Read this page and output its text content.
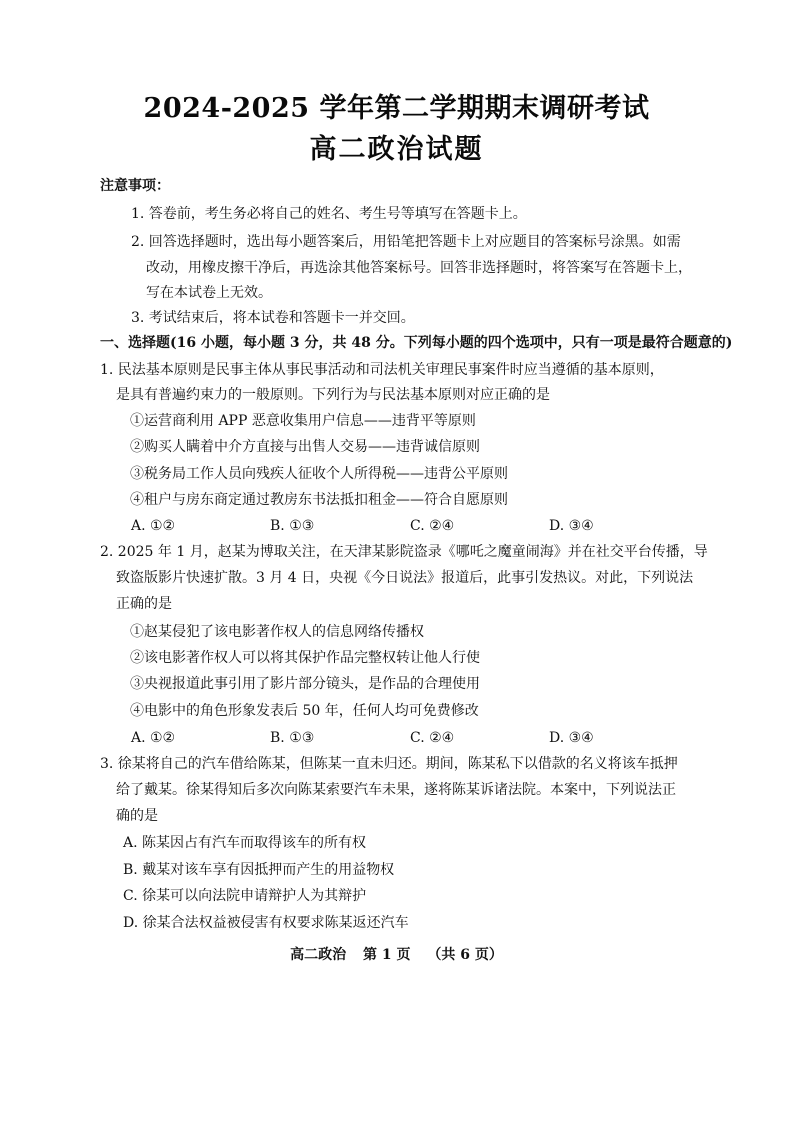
2024-2025 学年第二学期期末调研考试
高二政治试题
注意事项：
1. 答卷前，考生务必将自己的姓名、考生号等填写在答题卡上。
2. 回答选择题时，选出每小题答案后，用铅笔把答题卡上对应题目的答案标号涂黑。如需
改动，用橡皮擦干净后，再选涂其他答案标号。回答非选择题时，将答案写在答题卡上，
写在本试卷上无效。
3. 考试结束后，将本试卷和答题卡一并交回。
一、选择题(16 小题，每小题 3 分，共 48 分。下列每小题的四个选项中，只有一项是最符合题意的)
1. 民法基本原则是民事主体从事民事活动和司法机关审理民事案件时应当遵循的基本原则，
是具有普遍约束力的一般原则。下列行为与民法基本原则对应正确的是
①运营商利用 APP 恶意收集用户信息——违背平等原则
②购买人瞒着中介方直接与出售人交易——违背诚信原则
③税务局工作人员向残疾人征收个人所得税——违背公平原则
④租户与房东商定通过教房东书法抵扣租金——符合自愿原则
A. ①②	B. ①③	C. ②④	D. ③④
2. 2025 年 1 月，赵某为博取关注，在天津某影院盗录《哪吒之魔童闹海》并在社交平台传播，导
致盗版影片快速扩散。3 月 4 日，央视《今日说法》报道后，此事引发热议。对此，下列说法
正确的是
①赵某侵犯了该电影著作权人的信息网络传播权
②该电影著作权人可以将其保护作品完整权转让他人行使
③央视报道此事引用了影片部分镜头，是作品的合理使用
④电影中的角色形象发表后 50 年，任何人均可免费修改
A. ①②	B. ①③	C. ②④	D. ③④
3. 徐某将自己的汽车借给陈某，但陈某一直未归还。期间，陈某私下以借款的名义将该车抵押
给了戴某。徐某得知后多次向陈某索要汽车未果，遂将陈某诉诸法院。本案中，下列说法正
确的是
A. 陈某因占有汽车而取得该车的所有权
B. 戴某对该车享有因抵押而产生的用益物权
C. 徐某可以向法院申请辩护人为其辩护
D. 徐某合法权益被侵害有权要求陈某返还汽车
高二政治 第 1 页 （共 6 页）
